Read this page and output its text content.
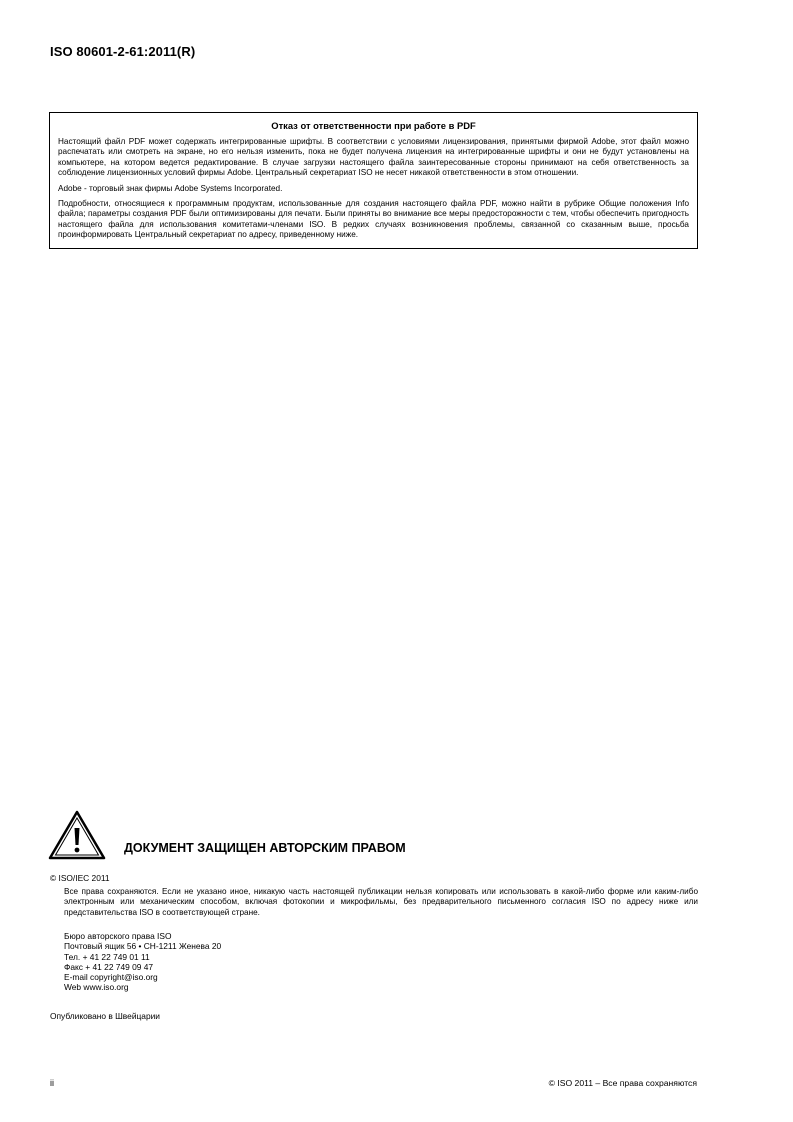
ISO 80601-2-61:2011(R)
Отказ от ответственности при работе в PDF

Настоящий файл PDF может содержать интегрированные шрифты. В соответствии с условиями лицензирования, принятыми фирмой Adobe, этот файл можно распечатать или смотреть на экране, но его нельзя изменить, пока не будет получена лицензия на интегрированные шрифты и они не будут установлены на компьютере, на котором ведется редактирование. В случае загрузки настоящего файла заинтересованные стороны принимают на себя ответственность за соблюдение лицензионных условий фирмы Adobe. Центральный секретариат ISO не несет никакой ответственности в этом отношении.

Adobe - торговый знак фирмы Adobe Systems Incorporated.

Подробности, относящиеся к программным продуктам, использованные для создания настоящего файла PDF, можно найти в рубрике Общие положения Info файла; параметры создания PDF были оптимизированы для печати. Были приняты во внимание все меры предосторожности с тем, чтобы обеспечить пригодность настоящего файла для использования комитетами-членами ISO. В редких случаях возникновения проблемы, связанной со сказанным выше, просьба проинформировать Центральный секретариат по адресу, приведенному ниже.

ДОКУМЕНТ ЗАЩИЩЕН АВТОРСКИМ ПРАВОМ
© ISO/IEC 2011

Все права сохраняются. Если не указано иное, никакую часть настоящей публикации нельзя копировать или использовать в какой-либо форме или каким-либо электронным или механическим способом, включая фотокопии и микрофильмы, без предварительного письменного согласия ISO по адресу ниже или представительства ISO в соответствующей стране.

Бюро авторского права ISO
Почтовый ящик 56 • CH-1211 Женева 20
Тел. + 41 22 749 01 11
Факс + 41 22 749 09 47
E-mail copyright@iso.org
Web www.iso.org
Опубликовано в Швейцарии
ii	© ISO 2011 – Все права сохраняются
